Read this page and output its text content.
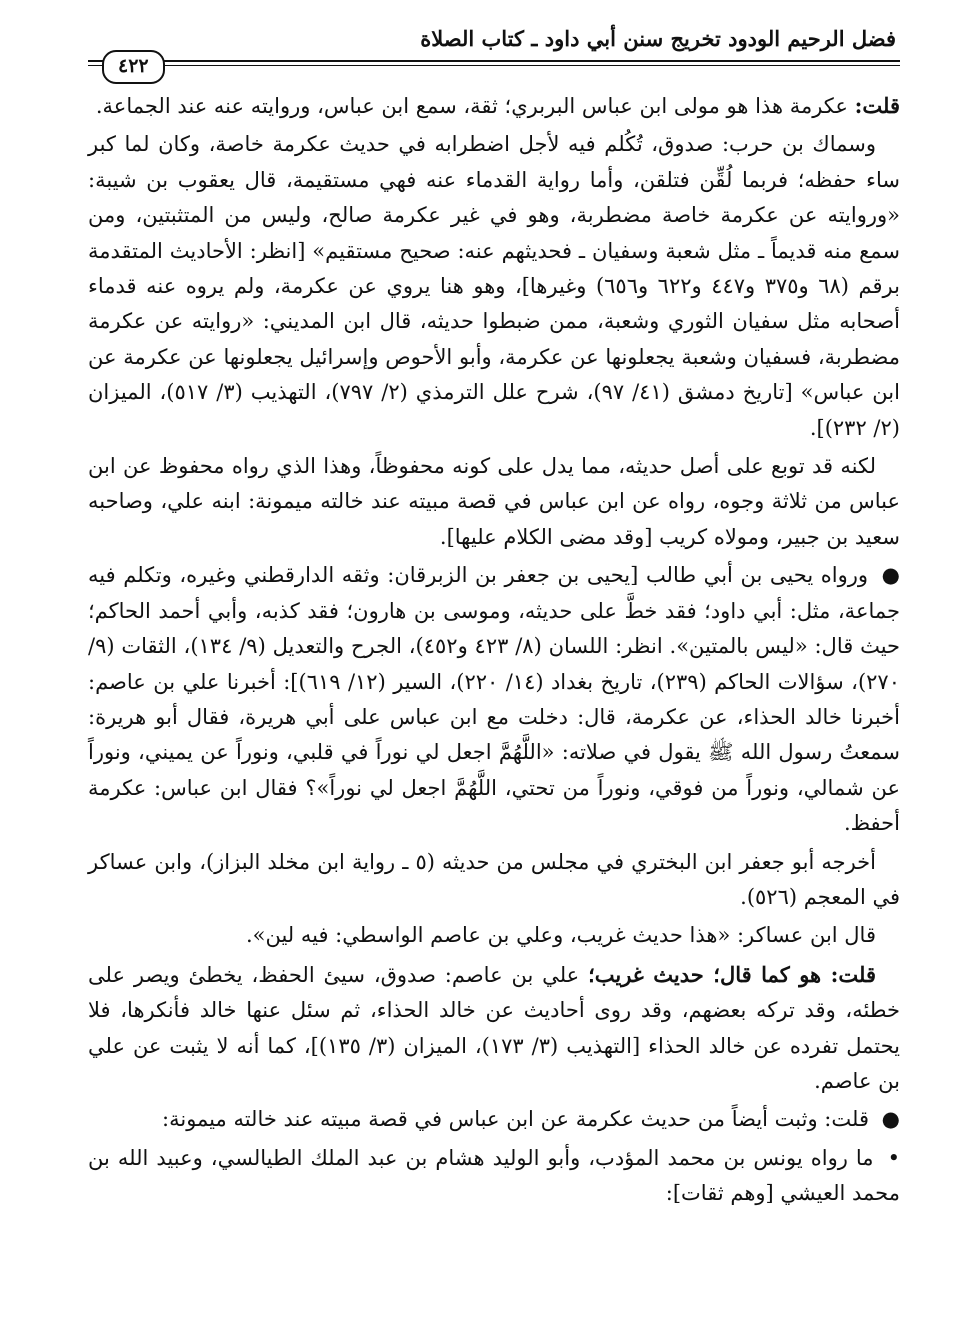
فضل الرحيم الودود تخريج سنن أبي داود ـ كتاب الصلاة
٤٢٢

قلت: عكرمة هذا هو مولى ابن عباس البربري؛ ثقة، سمع ابن عباس، وروايته عنه عند الجماعة.

وسماك بن حرب: صدوق، تُكُلم فيه لأجل اضطرابه في حديث عكرمة خاصة، وكان لما كبر ساء حفظه؛ فربما لُقِّن فتلقن، وأما رواية القدماء عنه فهي مستقيمة، قال يعقوب بن شيبة: «وروايته عن عكرمة خاصة مضطربة، وهو في غير عكرمة صالح، وليس من المتثبتين، ومن سمع منه قديماً ـ مثل شعبة وسفيان ـ فحديثهم عنه: صحيح مستقيم» [انظر: الأحاديث المتقدمة برقم (٦٨ و٣٧٥ و٤٤٧ و٦٢٢ و٦٥٦) وغيرها]، وهو هنا يروي عن عكرمة، ولم يروه عنه قدماء أصحابه مثل سفيان الثوري وشعبة، ممن ضبطوا حديثه، قال ابن المديني: «روايته عن عكرمة مضطربة، فسفيان وشعبة يجعلونها عن عكرمة، وأبو الأحوص وإسرائيل يجعلونها عن عكرمة عن ابن عباس» [تاريخ دمشق (٤١/ ٩٧)، شرح علل الترمذي (٢/ ٧٩٧)، التهذيب (٣/ ٥١٧)، الميزان (٢/ ٢٣٢)].

لكنه قد توبع على أصل حديثه، مما يدل على كونه محفوظاً، وهذا الذي رواه محفوظ عن ابن عباس من ثلاثة وجوه، رواه عن ابن عباس في قصة مبيته عند خالته ميمونة: ابنه علي، وصاحبه سعيد بن جبير، ومولاه كريب [وقد مضى الكلام عليها].

● ورواه يحيى بن أبي طالب [يحيى بن جعفر بن الزبرقان: وثقه الدارقطني وغيره، وتكلم فيه جماعة، مثل: أبي داود؛ فقد خطَّ على حديثه، وموسى بن هارون؛ فقد كذبه، وأبي أحمد الحاكم؛ حيث قال: «ليس بالمتين». انظر: اللسان (٨/ ٤٢٣ و٤٥٢)، الجرح والتعديل (٩/ ١٣٤)، الثقات (٩/ ٢٧٠)، سؤالات الحاكم (٢٣٩)، تاريخ بغداد (١٤/ ٢٢٠)، السير (١٢/ ٦١٩)]: أخبرنا علي بن عاصم: أخبرنا خالد الحذاء، عن عكرمة، قال: دخلت مع ابن عباس على أبي هريرة، فقال أبو هريرة: سمعتُ رسول الله ﷺ يقول في صلاته: «اللَّهُمَّ اجعل لي نوراً في قلبي، ونوراً عن يميني، ونوراً عن شمالي، ونوراً من فوقي، ونوراً من تحتي، اللَّهُمَّ اجعل لي نوراً»؟ فقال ابن عباس: عكرمة أحفظ.

أخرجه أبو جعفر ابن البختري في مجلس من حديثه (٥ ـ رواية ابن مخلد البزاز)، وابن عساكر في المعجم (٥٢٦).

قال ابن عساكر: «هذا حديث غريب، وعلي بن عاصم الواسطي: فيه لين».

قلت: هو كما قال؛ حديث غريب؛ علي بن عاصم: صدوق، سيئ الحفظ، يخطئ ويصر على خطئه، وقد تركه بعضهم، وقد روى أحاديث عن خالد الحذاء، ثم سئل عنها خالد فأنكرها، فلا يحتمل تفرده عن خالد الحذاء [التهذيب (٣/ ١٧٣)، الميزان (٣/ ١٣٥)]، كما أنه لا يثبت عن علي بن عاصم.

● قلت: وثبت أيضاً من حديث عكرمة عن ابن عباس في قصة مبيته عند خالته ميمونة:

• ما رواه يونس بن محمد المؤدب، وأبو الوليد هشام بن عبد الملك الطيالسي، وعبيد الله بن محمد العيشي [وهم ثقات]:
